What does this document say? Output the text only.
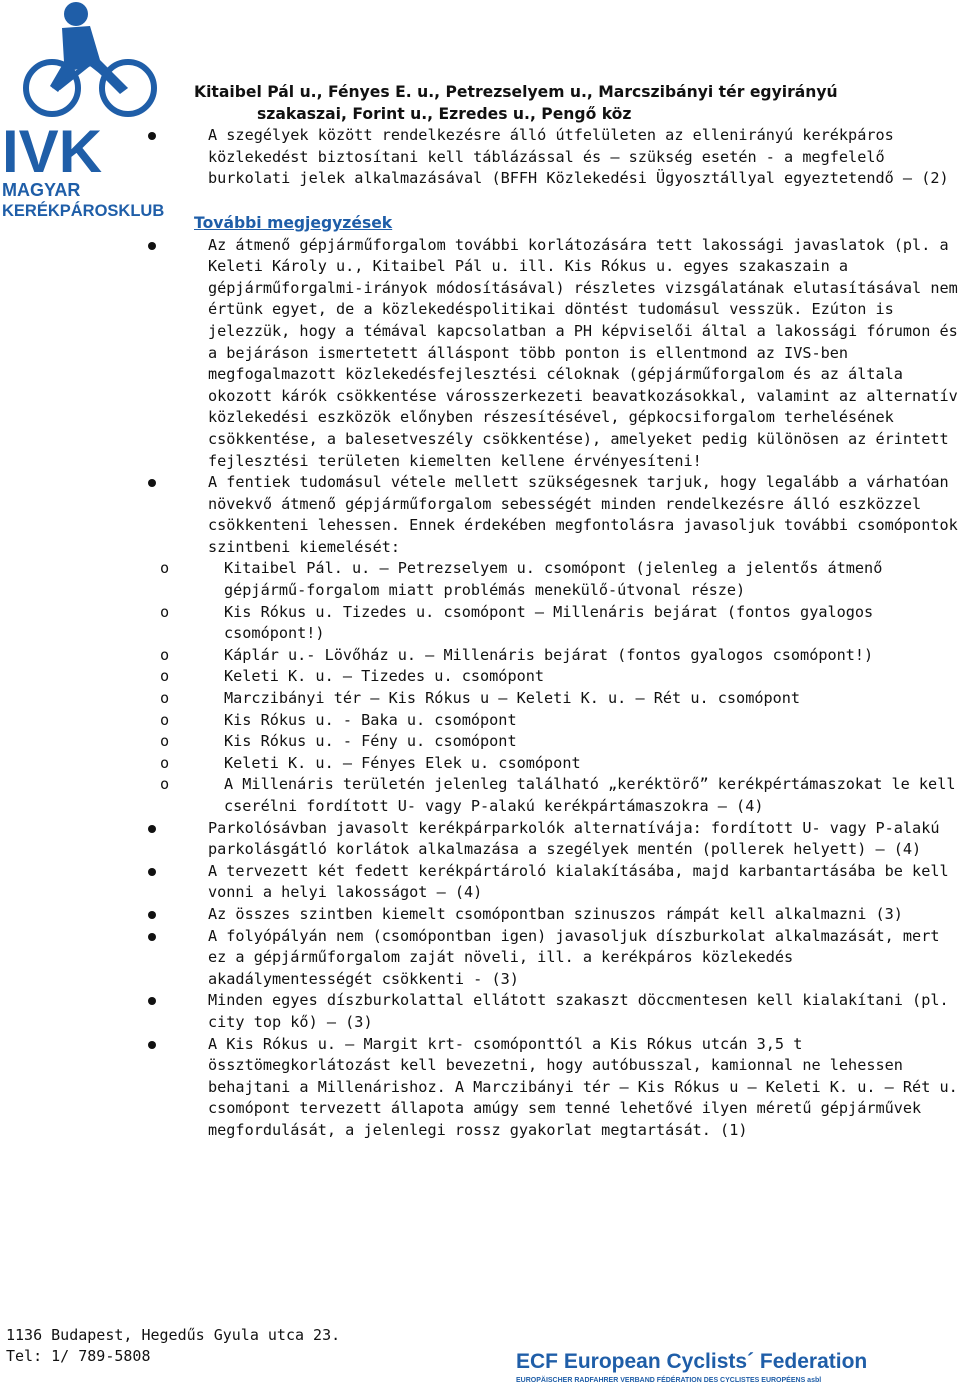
IVK
MAGYAR
KERÉKPÁROSKLUB
Kitaibel Pál u., Fényes E. u., Petrezselyem u., Marcszibányi tér egyirányú
szakaszai, Forint u., Ezredes u., Pengő köz
A szegélyek között rendelkezésre álló útfelületen az ellenirányú kerékpáros közlekedést biztosítani kell táblázással és – szükség esetén - a megfelelő burkolati jelek alkalmazásával (BFFH Közlekedési Ügyosztállyal egyeztetendő – (2)
További megjegyzések
Az átmenő gépjárműforgalom további korlátozására tett lakossági javaslatok (pl. a Keleti Károly u., Kitaibel Pál u. ill. Kis Rókus u. egyes szakaszain a gépjárműforgalmi-irányok módosításával) részletes vizsgálatának elutasításával nem értünk egyet, de a közlekedéspolitikai döntést tudomásul vesszük. Ezúton is jelezzük, hogy a témával kapcsolatban a PH képviselői által a lakossági fórumon és a bejáráson ismertetett álláspont több ponton is ellentmond az IVS-ben megfogalmazott közlekedésfejlesztési céloknak (gépjárműforgalom és az általa okozott kárók csökkentése városszerkezeti beavatkozásokkal, valamint az alternatív közlekedési eszközök előnyben részesítésével, gépkocsiforgalom terhelésének csökkentése, a balesetveszély csökkentése), amelyeket pedig különösen az érintett fejlesztési területen kiemelten kellene érvényesíteni!
A fentiek tudomásul vétele mellett szükségesnek tarjuk, hogy legalább a várhatóan növekvő átmenő gépjárműforgalom sebességét minden rendelkezésre álló eszközzel csökkenteni lehessen. Ennek érdekében megfontolásra javasoljuk további csomópontok szintbeni kiemelését:
o Kitaibel Pál. u. – Petrezselyem u. csomópont (jelenleg a jelentős átmenő gépjármű-forgalom miatt problémás menekülő-útvonal része)
o Kis Rókus u. Tizedes u. csomópont – Millenáris bejárat (fontos gyalogos csomópont!)
o Káplár u.- Lövőház u. – Millenáris bejárat (fontos gyalogos csomópont!)
o Keleti K. u. – Tizedes u. csomópont
o Marczibányi tér – Kis Rókus u – Keleti K. u. – Rét u. csomópont
o Kis Rókus u. - Baka u. csomópont
o Kis Rókus u. - Fény u. csomópont
o Keleti K. u. – Fényes Elek u. csomópont
o A Millenáris területén jelenleg található „keréktörő” kerékpértámaszokat le kell cserélni fordított U- vagy P-alakú kerékpártámaszokra – (4)
Parkolósávban javasolt kerékpárparkolók alternatívája: fordított U- vagy P-alakú parkolásgátló korlátok alkalmazása a szegélyek mentén (pollerek helyett) – (4)
A tervezett két fedett kerékpártároló kialakításába, majd karbantartásába be kell vonni a helyi lakosságot – (4)
Az összes szintben kiemelt csomópontban szinuszos rámpát kell alkalmazni (3)
A folyópályán nem (csomópontban igen) javasoljuk díszburkolat alkalmazását, mert ez a gépjárműforgalom zaját növeli, ill. a kerékpáros közlekedés akadálymentességét csökkenti - (3)
Minden egyes díszburkolattal ellátott szakaszt döccmentesen kell kialakítani (pl. city top kő) – (3)
A Kis Rókus u. – Margit krt- csomóponttól a Kis Rókus utcán 3,5 t össztömegkorlátozást kell bevezetni, hogy autóbusszal, kamionnal ne lehessen behajtani a Millenárishoz. A Marczibányi tér – Kis Rókus u – Keleti K. u. – Rét u. csomópont tervezett állapota amúgy sem tenné lehetővé ilyen méretű gépjárművek megfordulását, a jelenlegi rossz gyakorlat megtartását. (1)
1136 Budapest, Hegedűs Gyula utca 23.
Tel: 1/ 789-5808	ECF European Cyclists´ Federation
EUROPÄISCHER RADFAHRER VERBAND FÉDÉRATION DES CYCLISTES EUROPÉENS asbl
